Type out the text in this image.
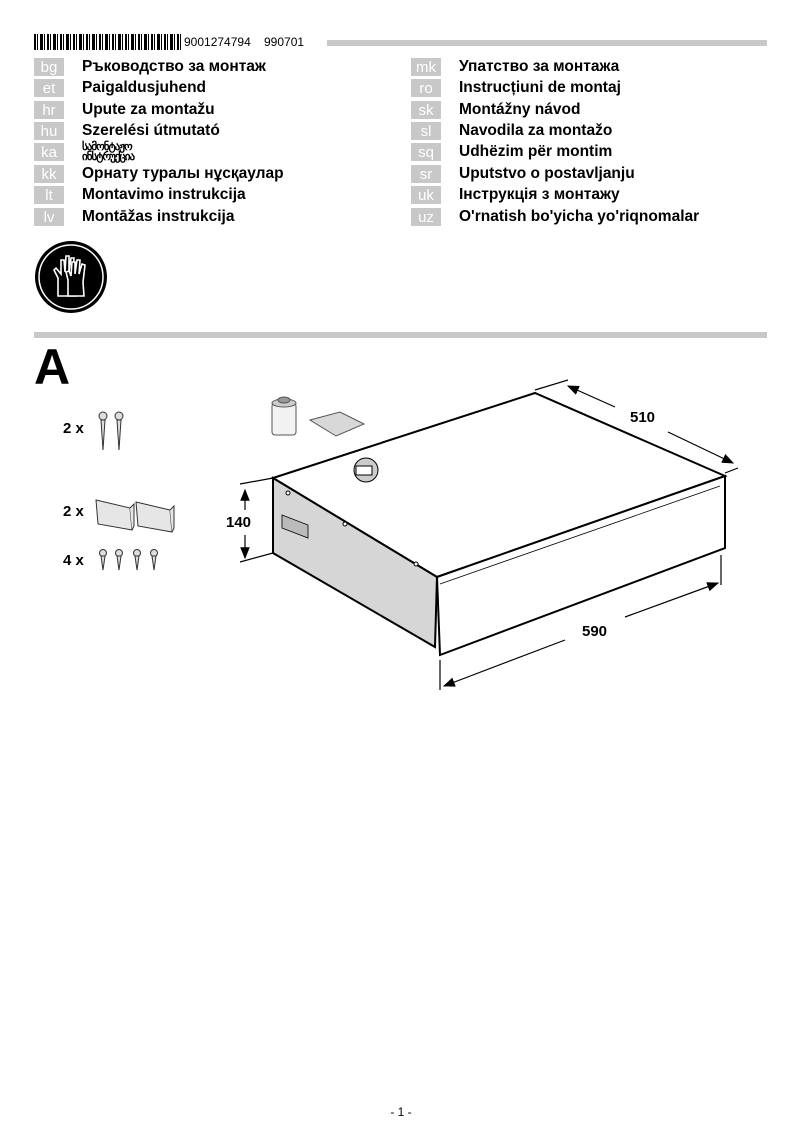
9001274794 990701
bg	Ръководство за монтаж
et	Paigaldusjuhend
hr	Upute za montažu
hu	Szerelési útmutató
ka	სამონტაჟო ინსტრუქცია
kk	Орнату туралы нұсқаулар
lt	Montavimo instrukcija
lv	Montāžas instrukcija
mk	Упатство за монтажа
ro	Instrucțiuni de montaj
sk	Montážny návod
sl	Navodila za montažo
sq	Udhëzim për montim
sr	Uputstvo o postavljanju
uk	Інструкція з монтажу
uz	O'rnatish bo'yicha yo'riqnomalar
A
2 x
2 x
4 x
510
140
590
- 1 -
